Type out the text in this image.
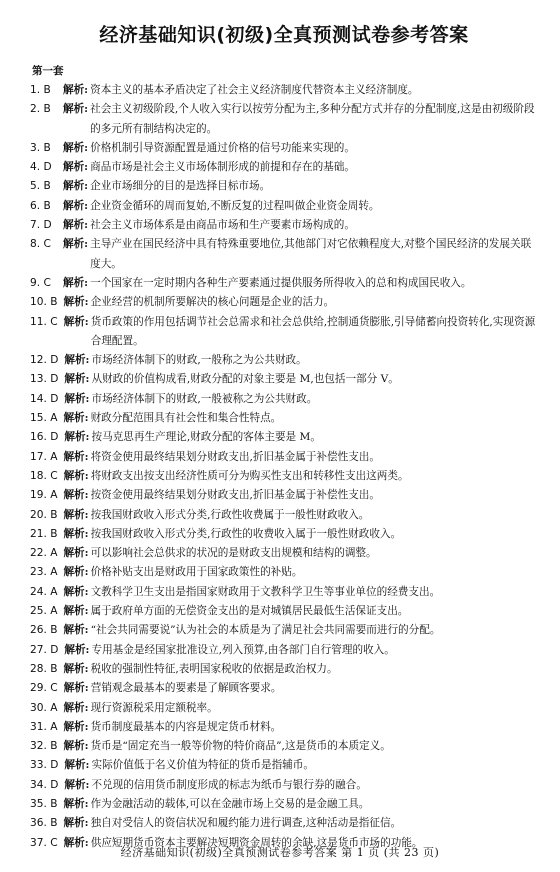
经济基础知识(初级)全真预测试卷参考答案
第一套
1. B	解析: 资本主义的基本矛盾决定了社会主义经济制度代替资本主义经济制度。
2. B	解析: 社会主义初级阶段,个人收入实行以按劳分配为主,多种分配方式并存的分配制度,这是由初级阶段的多元所有制结构决定的。
3. B	解析: 价格机制引导资源配置是通过价格的信号功能来实现的。
4. D	解析: 商品市场是社会主义市场体制形成的前提和存在的基础。
5. B	解析: 企业市场细分的目的是选择目标市场。
6. B	解析: 企业资金循环的周而复始,不断反复的过程叫做企业资金周转。
7. D	解析: 社会主义市场体系是由商品市场和生产要素市场构成的。
8. C	解析: 主导产业在国民经济中具有特殊重要地位,其他部门对它依赖程度大,对整个国民经济的发展关联度大。
9. C	解析: 一个国家在一定时期内各种生产要素通过提供服务所得收入的总和构成国民收入。
10. B 解析: 企业经营的机制所要解决的核心问题是企业的活力。
11. C 解析: 货币政策的作用包括调节社会总需求和社会总供给,控制通货膨胀,引导储蓄向投资转化,实现资源合理配置。
12. D 解析: 市场经济体制下的财政,一般称之为公共财政。
13. D 解析: 从财政的价值构成看,财政分配的对象主要是 M,也包括一部分 V。
14. D 解析: 市场经济体制下的财政,一般被称之为公共财政。
15. A 解析: 财政分配范围具有社会性和集合性特点。
16. D 解析: 按马克思再生产理论,财政分配的客体主要是 M。
17. A 解析: 将资金使用最终结果划分财政支出,折旧基金属于补偿性支出。
18. C 解析: 将财政支出按支出经济性质可分为购买性支出和转移性支出这两类。
19. A 解析: 按资金使用最终结果划分财政支出,折旧基金属于补偿性支出。
20. B 解析: 按我国财政收入形式分类,行政性收费属于一般性财政收入。
21. B 解析: 按我国财政收入形式分类,行政性的收费收入属于一般性财政收入。
22. A 解析: 可以影响社会总供求的状况的是财政支出规模和结构的调整。
23. A 解析: 价格补贴支出是财政用于国家政策性的补贴。
24. A 解析: 文教科学卫生支出是指国家财政用于文教科学卫生等事业单位的经费支出。
25. A 解析: 属于政府单方面的无偿资金支出的是对城镇居民最低生活保证支出。
26. B 解析: “社会共同需要说”认为社会的本质是为了满足社会共同需要而进行的分配。
27. D 解析: 专用基金是经国家批准设立,列入预算,由各部门自行管理的收入。
28. B 解析: 税收的强制性特征,表明国家税收的依据是政治权力。
29. C 解析: 营销观念最基本的要素是了解顾客要求。
30. A 解析: 现行资源税采用定额税率。
31. A 解析: 货币制度最基本的内容是规定货币材料。
32. B 解析: 货币是“固定充当一般等价物的特价商品”,这是货币的本质定义。
33. D 解析: 实际价值低于名义价值为特征的货币是指辅币。
34. D 解析: 不兑现的信用货币制度形成的标志为纸币与银行券的融合。
35. B 解析: 作为金融活动的载体,可以在金融市场上交易的是金融工具。
36. B 解析: 独自对受信人的资信状况和履约能力进行调查,这种活动是指征信。
37. C 解析: 供应短期货币资本主要解决短期资金周转的余缺,这是货币市场的功能。
经济基础知识(初级)全真预测试卷参考答案 第 1 页 (共 23 页)
